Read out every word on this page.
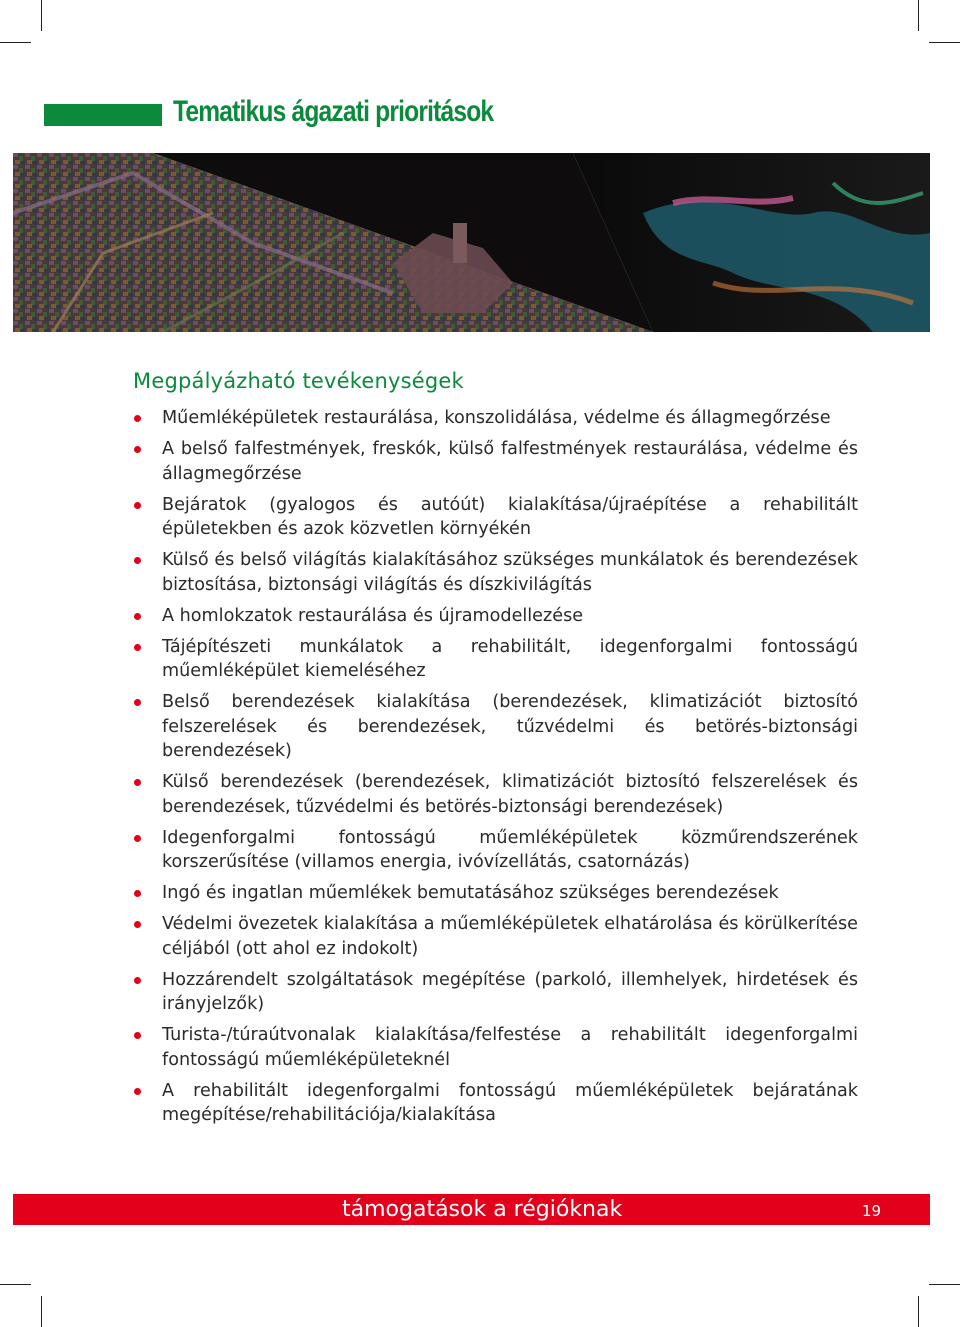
Tematikus ágazati prioritások
Megpályázható tevékenységek
Műemléképületek restaurálása, konszolidálása, védelme és állagmegőrzése
A belső falfestmények, freskók, külső falfestmények restaurálása, védelme és állagmegőrzése
Bejáratok (gyalogos és autóút) kialakítása/újraépítése a rehabilitált épületekben és azok közvetlen környékén
Külső és belső világítás kialakításához szükséges munkálatok és berendezések biztosítása, biztonsági világítás és díszkivilágítás
A homlokzatok restaurálása és újramodellezése
Tájépítészeti munkálatok a rehabilitált, idegenforgalmi fontosságú műemléképület kiemeléséhez
Belső berendezések kialakítása (berendezések, klimatizációt biztosító felszerelések és berendezések, tűzvédelmi és betörés-biztonsági berendezések)
Külső berendezések (berendezések, klimatizációt biztosító felszerelések és berendezések, tűzvédelmi és betörés-biztonsági berendezések)
Idegenforgalmi fontosságú műemléképületek közműrendszerének korszerűsítése (villamos energia, ivóvízellátás, csatornázás)
Ingó és ingatlan műemlékek bemutatásához szükséges berendezések
Védelmi övezetek kialakítása a műemléképületek elhatárolása és körülkerítése céljából (ott ahol ez indokolt)
Hozzárendelt szolgáltatások megépítése (parkoló, illemhelyek, hirdetések és irányjelzők)
Turista-/túraútvonalak kialakítása/felfestése a rehabilitált idegenforgalmi fontosságú műemléképületeknél
A rehabilitált idegenforgalmi fontosságú műemléképületek bejáratának megépítése/rehabilitációja/kialakítása
támogatások a régióknak	19
